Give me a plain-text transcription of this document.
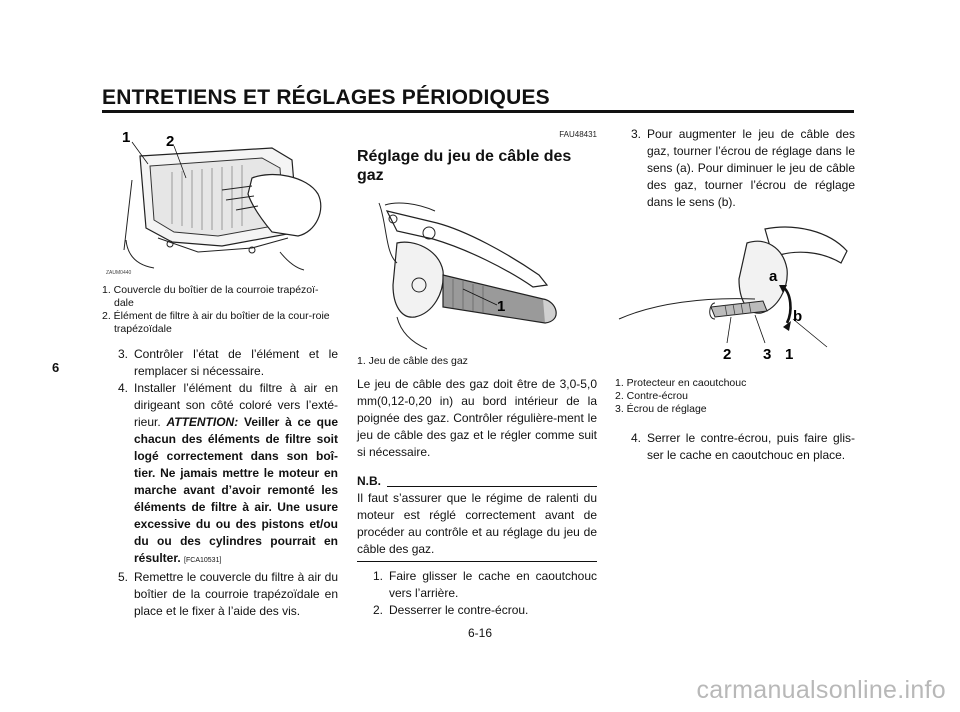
ENTRETIENS ET RÉGLAGES PÉRIODIQUES
6
1 2
ZAUM0440
1. Couvercle du boîtier de la courroie trapézoï-dale
2. Élément de filtre à air du boîtier de la cour-roie trapézoïdale
3. Contrôler l’état de l’élément et le remplacer si nécessaire.
4. Installer l’élément du filtre à air en dirigeant son côté coloré vers l’exté-rieur. ATTENTION: Veiller à ce que chacun des éléments de filtre soit logé correctement dans son boî-tier. Ne jamais mettre le moteur en marche avant d’avoir remonté les éléments de filtre à air. Une usure excessive du ou des pistons et/ou du ou des cylindres pourrait en résulter. [FCA10531]
5. Remettre le couvercle du filtre à air du boîtier de la courroie trapézoïdale en place et le fixer à l’aide des vis.
FAU48431
Réglage du jeu de câble des gaz
1
1. Jeu de câble des gaz
Le jeu de câble des gaz doit être de 3,0-5,0 mm(0,12-0,20 in) au bord intérieur de la poignée des gaz. Contrôler régulière-ment le jeu de câble des gaz et le régler comme suit si nécessaire.
N.B.
Il faut s’assurer que le régime de ralenti du moteur est réglé correctement avant de procéder au contrôle et au réglage du jeu de câble des gaz.
1. Faire glisser le cache en caoutchouc vers l’arrière.
2. Desserrer le contre-écrou.
3. Pour augmenter le jeu de câble des gaz, tourner l’écrou de réglage dans le sens (a). Pour diminuer le jeu de câble des gaz, tourner l’écrou de réglage dans le sens (b).
a
b
2 3 1
1. Protecteur en caoutchouc
2. Contre-écrou
3. Écrou de réglage
4. Serrer le contre-écrou, puis faire glis-ser le cache en caoutchouc en place.
6-16
carmanualsonline.info
